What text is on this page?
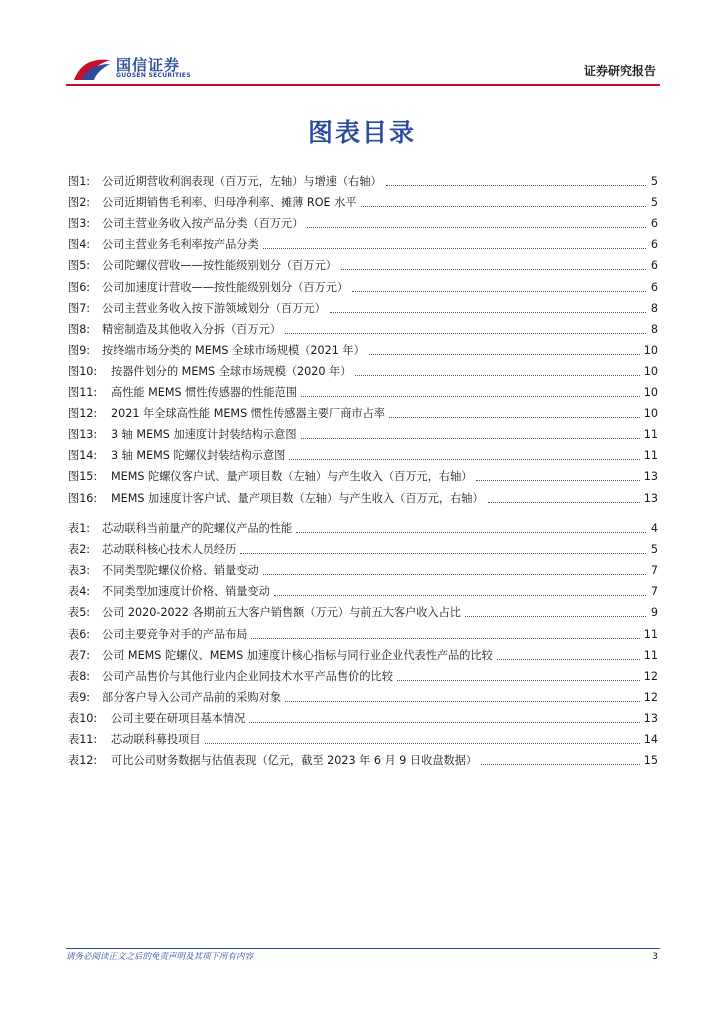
国信证券
GUOSEN SECURITIES	证券研究报告
图表目录
图1:	公司近期营收利润表现（百万元，左轴）与增速（右轴）	5
图2:	公司近期销售毛利率、归母净利率、摊薄 ROE 水平	5
图3:	公司主营业务收入按产品分类（百万元）	6
图4:	公司主营业务毛利率按产品分类	6
图5:	公司陀螺仪营收——按性能级别划分（百万元）	6
图6:	公司加速度计营收——按性能级别划分（百万元）	6
图7:	公司主营业务收入按下游领域划分（百万元）	8
图8:	精密制造及其他收入分拆（百万元）	8
图9:	按终端市场分类的 MEMS 全球市场规模（2021 年）	10
图10:	按器件划分的 MEMS 全球市场规模（2020 年）	10
图11:	高性能 MEMS 惯性传感器的性能范围	10
图12:	2021 年全球高性能 MEMS 惯性传感器主要厂商市占率	10
图13:	3 轴 MEMS 加速度计封装结构示意图	11
图14:	3 轴 MEMS 陀螺仪封装结构示意图	11
图15:	MEMS 陀螺仪客户试、量产项目数（左轴）与产生收入（百万元，右轴）	13
图16:	MEMS 加速度计客户试、量产项目数（左轴）与产生收入（百万元，右轴）	13
表1:	芯动联科当前量产的陀螺仪产品的性能	4
表2:	芯动联科核心技术人员经历	5
表3:	不同类型陀螺仪价格、销量变动	7
表4:	不同类型加速度计价格、销量变动	7
表5:	公司 2020-2022 各期前五大客户销售额（万元）与前五大客户收入占比	9
表6:	公司主要竞争对手的产品布局	11
表7:	公司 MEMS 陀螺仪、MEMS 加速度计核心指标与同行业企业代表性产品的比较	11
表8:	公司产品售价与其他行业内企业同技术水平产品售价的比较	12
表9:	部分客户导入公司产品前的采购对象	12
表10:	公司主要在研项目基本情况	13
表11:	芯动联科募投项目	14
表12:	可比公司财务数据与估值表现（亿元，截至 2023 年 6 月 9 日收盘数据）	15
请务必阅读正文之后的免责声明及其项下所有内容	3
